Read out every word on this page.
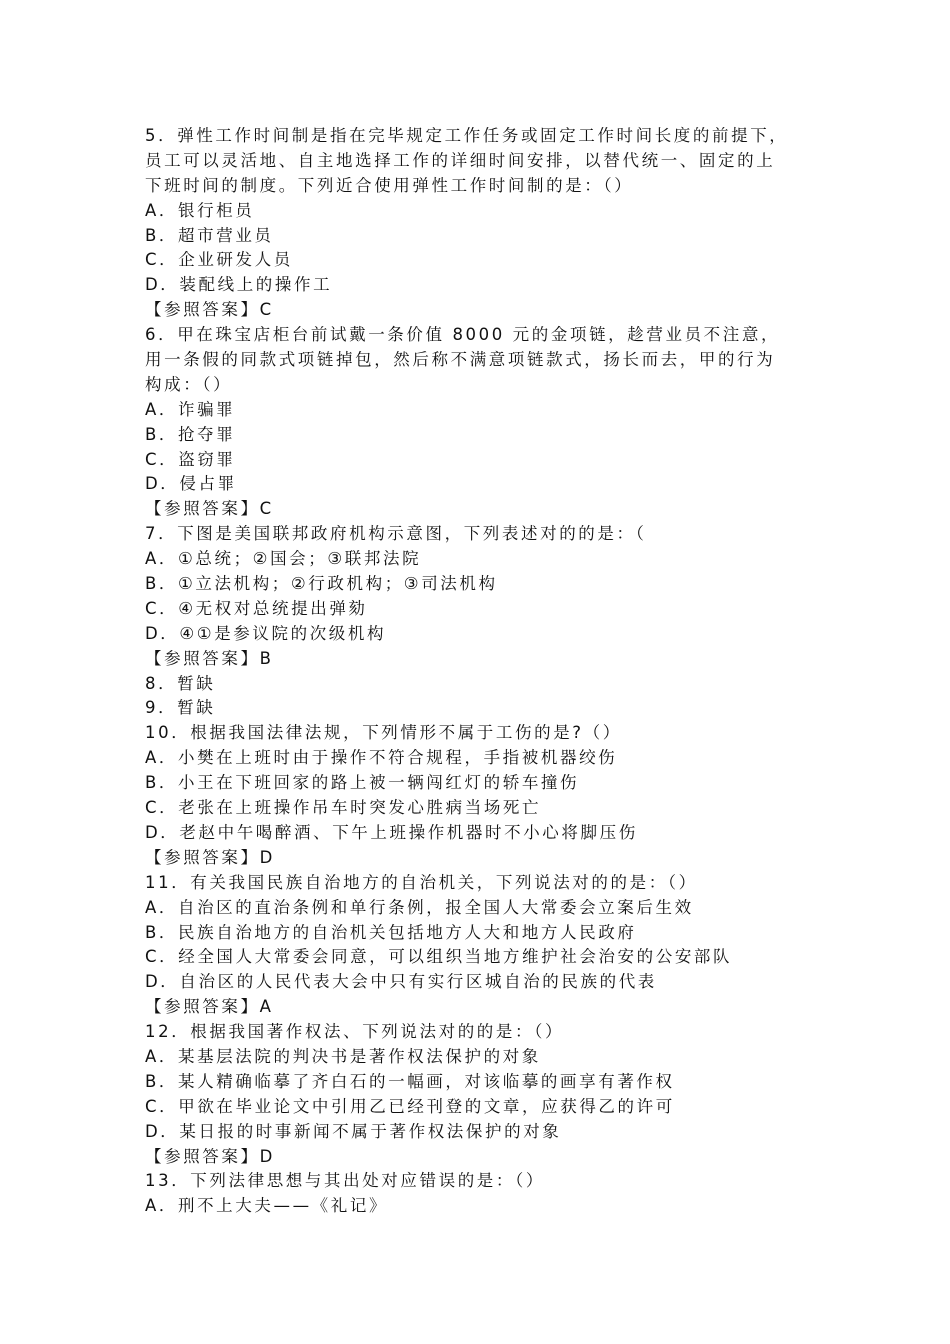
5．弹性工作时间制是指在完毕规定工作任务或固定工作时间长度的前提下，
员工可以灵活地、自主地选择工作的详细时间安排，以替代统一、固定的上
下班时间的制度。下列近合使用弹性工作时间制的是：（）
A．银行柜员
B．超市营业员
C．企业研发人员
D．装配线上的操作工
【参照答案】C
6．甲在珠宝店柜台前试戴一条价值 8000 元的金项链，趁营业员不注意，
用一条假的同款式项链掉包，然后称不满意项链款式，扬长而去，甲的行为
构成：（）
A．诈骗罪
B．抢夺罪
C．盗窃罪
D．侵占罪
【参照答案】C
7．下图是美国联邦政府机构示意图，下列表述对的的是：（
A．①总统；②国会；③联邦法院
B．①立法机构；②行政机构；③司法机构
C．④无权对总统提出弹劾
D．④①是参议院的次级机构
【参照答案】B
8．暂缺
9．暂缺
10．根据我国法律法规，下列情形不属于工伤的是?（）
A．小樊在上班时由于操作不符合规程，手指被机器绞伤
B．小王在下班回家的路上被一辆闯红灯的轿车撞伤
C．老张在上班操作吊车时突发心胜病当场死亡
D．老赵中午喝醉酒、下午上班操作机器时不小心将脚压伤
【参照答案】D
11．有关我国民族自治地方的自治机关，下列说法对的的是：（）
A．自治区的直治条例和单行条例，报全国人大常委会立案后生效
B．民族自治地方的自治机关包括地方人大和地方人民政府
C．经全国人大常委会同意，可以组织当地方维护社会治安的公安部队
D．自治区的人民代表大会中只有实行区城自治的民族的代表
【参照答案】A
12．根据我国著作权法、下列说法对的的是：（）
A．某基层法院的判决书是著作权法保护的对象
B．某人精确临摹了齐白石的一幅画，对该临摹的画享有著作权
C．甲欲在毕业论文中引用乙已经刊登的文章，应获得乙的许可
D．某日报的时事新闻不属于著作权法保护的对象
【参照答案】D
13．下列法律思想与其出处对应错误的是：（）
A．刑不上大夫——《礼记》
